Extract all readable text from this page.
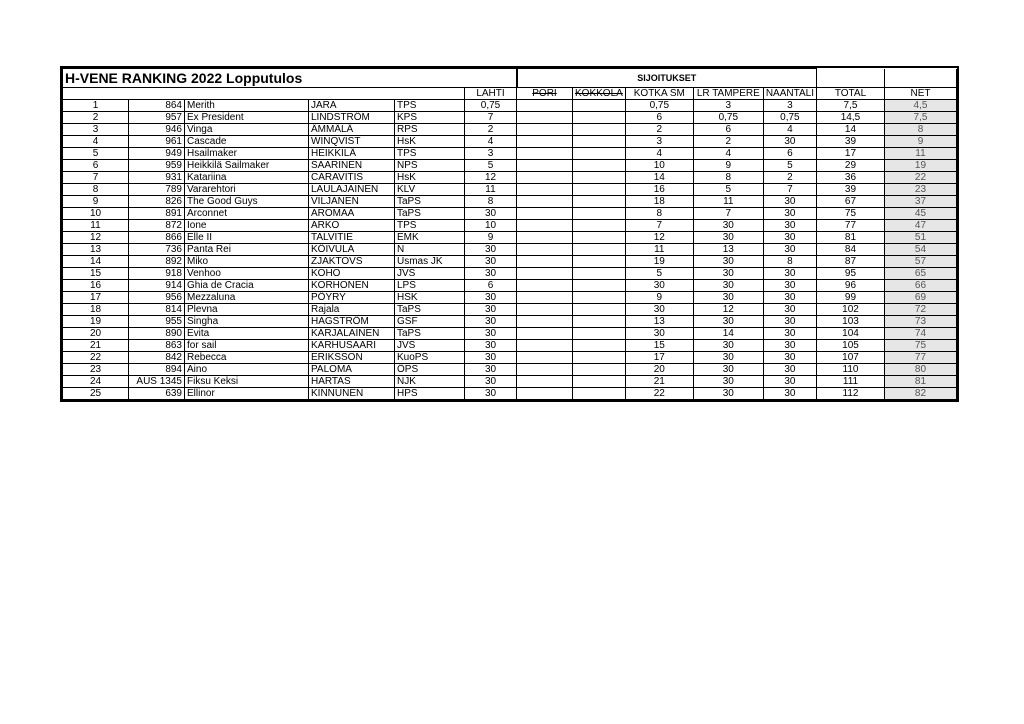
H-VENE RANKING 2022 Lopputulos						SIJOITUKSET						
					LAHTI	PORI	KOKKOLA	KOTKA SM	LR TAMPERE	NAANTALI	TOTAL	NET
1	864	Merith	JARA	TPS	0,75			0,75	3	3	7,5	4,5
2	957	Ex President	LINDSTRÖM	KPS	7			6	0,75	0,75	14,5	7,5
3	946	Vinga	ÄMMÄLÄ	RPS	2			2	6	4	14	8
4	961	Cascade	WINQVIST	HsK	4			3	2	30	39	9
5	949	Hsailmaker	HEIKKILÄ	TPS	3			4	4	6	17	11
6	959	Heikkilä Sailmaker	SAARINEN	NPS	5			10	9	5	29	19
7	931	Katariina	CARAVITIS	HsK	12			14	8	2	36	22
8	789	Vararehtori	LAULAJAINEN	KLV	11			16	5	7	39	23
9	826	The Good Guys	VILJANEN	TaPS	8			18	11	30	67	37
10	891	Arconnet	AROMAA	TaPS	30			8	7	30	75	45
11	872	Ione	ARKO	TPS	10			7	30	30	77	47
12	866	Elle II	TALVITIE	EMK	9			12	30	30	81	51
13	736	Panta Rei	KÖIVULA	N	30			11	13	30	84	54
14	892	Miko	ZJAKTOVS	Usmas JK	30			19	30	8	87	57
15	918	Venhoo	KOHO	JVS	30			5	30	30	95	65
16	914	Ghia de Cracia	KORHONEN	LPS	6			30	30	30	96	66
17	956	Mezzaluna	PÖYRY	HSK	30			9	30	30	99	69
18	814	Plevna	Rajala	TaPS	30			30	12	30	102	72
19	955	Singha	HAGSTRÖM	GSF	30			13	30	30	103	73
20	890	Evita	KARJALAINEN	TaPS	30			30	14	30	104	74
21	863	for sail	KARHUSAARI	JVS	30			15	30	30	105	75
22	842	Rebecca	ERIKSSON	KuoPS	30			17	30	30	107	77
23	894	Aino	PALOMA	ÖPS	30			20	30	30	110	80
24	AUS 1345	Fiksu Keksi	HARTAS	NJK	30			21	30	30	111	81
25	639	Ellinor	KINNUNEN	HPS	30			22	30	30	112	82
